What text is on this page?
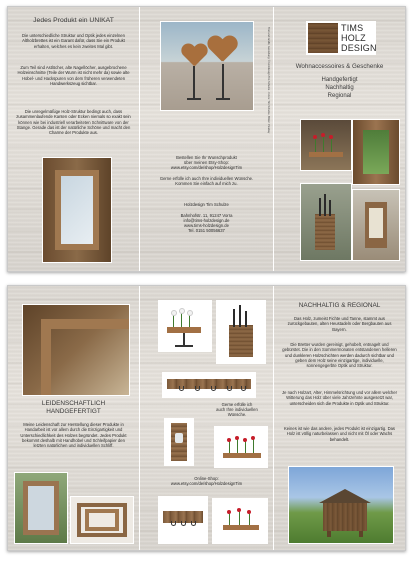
Jedes Produkt ein UNIKAT
Die unterschiedliche Struktur und Optik jedes einzelnen Altholzbrettes ist ein Garant dafür, dass Sie ein Produkt erhalten, welches es kein zweites Mal gibt.
Zum Teil sind Astlöcher, alte Nagellöcher, ausgebrochene Holzeinschnitte (Teile der Wurm ist nicht mehr da) sowie alte Hobel- und Hackspuren von dem früheren verwendeten Handwerkszeug sichtbar.
Die unregelmäßige Holz-Struktur bedingt auch, dass zusammenlaufende Kanten oder Ecken niemals so exakt sein können wie bei industriell verarbeiteten Schnittware von der Stange. Gerade das ist der natürliche Schöne und macht den Charme der Produkte aus.
Bestellen Sie Ihr Wunschprodukt
über meinen Etsy-Shop:
www.etsy.com/de/shop/HolzdesignTim
Gerne erfülle ich auch Ihre individuellen Wünsche.
Kommen Sie einfach auf mich zu.
Holzdesign Tim Schulze
Bahnhofstr. 11, 91247 Vorra
info@tims-holzdesign.de
www.tims-holzdesign.de
Tel. 0151 50056637
Titel und Grafik, Gestaltung: © Holzdesign Tim Schulze · Fotos: Tim Schulze, Bilder: Pixabay	TIMS
HOLZ
DESIGN
Wohnaccessoires & Geschenke
Handgefertigt
Nachhaltig
Regional
LEIDENSCHAFTLICH
HANDGEFERTIGT
Meine Leidenschaft zur Herstellung dieser Produkte in Handarbeit ist vor allem durch die Einzigartigkeit und Unterschiedlichkeit des Holzes begründet. Jedes Produkt bekommt deshalb mit Handhobel und Schleifpapier den letzten natürlichen und individuellen Schliff.
Gerne erfülle ich
auch Ihre individuellen
Wünsche.
Online-Shop:
www.etsy.com/de/shop/HolzdesignTim
NACHHALTIG & REGIONAL
Das Holz, zumeist Fichte und Tanne, stammt aus zurückgebauten, alten Heustadeln oder Bergbauten aus Bayern.
Die Bretter wurden gereinigt, gehobelt, entnagelt und gebürstet. Die in den Sommermonaten entstandenen helleren und dunkleren Holzschichten werden dadurch sichtbar und geben dem Holz seine einzigartige, individuelle, sonnengegerbte Optik und Struktur.
Je nach Holzart, Alter, Himmelsrichtung und vor allem welcher Witterung das Holz über viele Jahrzehnte ausgesetzt war, unterscheiden sich die Produkte in Optik und Struktur.
Keines ist wie das andere, jedes Produkt ist einzigartig. Das Holz ist völlig naturbelassen und nicht mit Öl oder Wachs behandelt.
